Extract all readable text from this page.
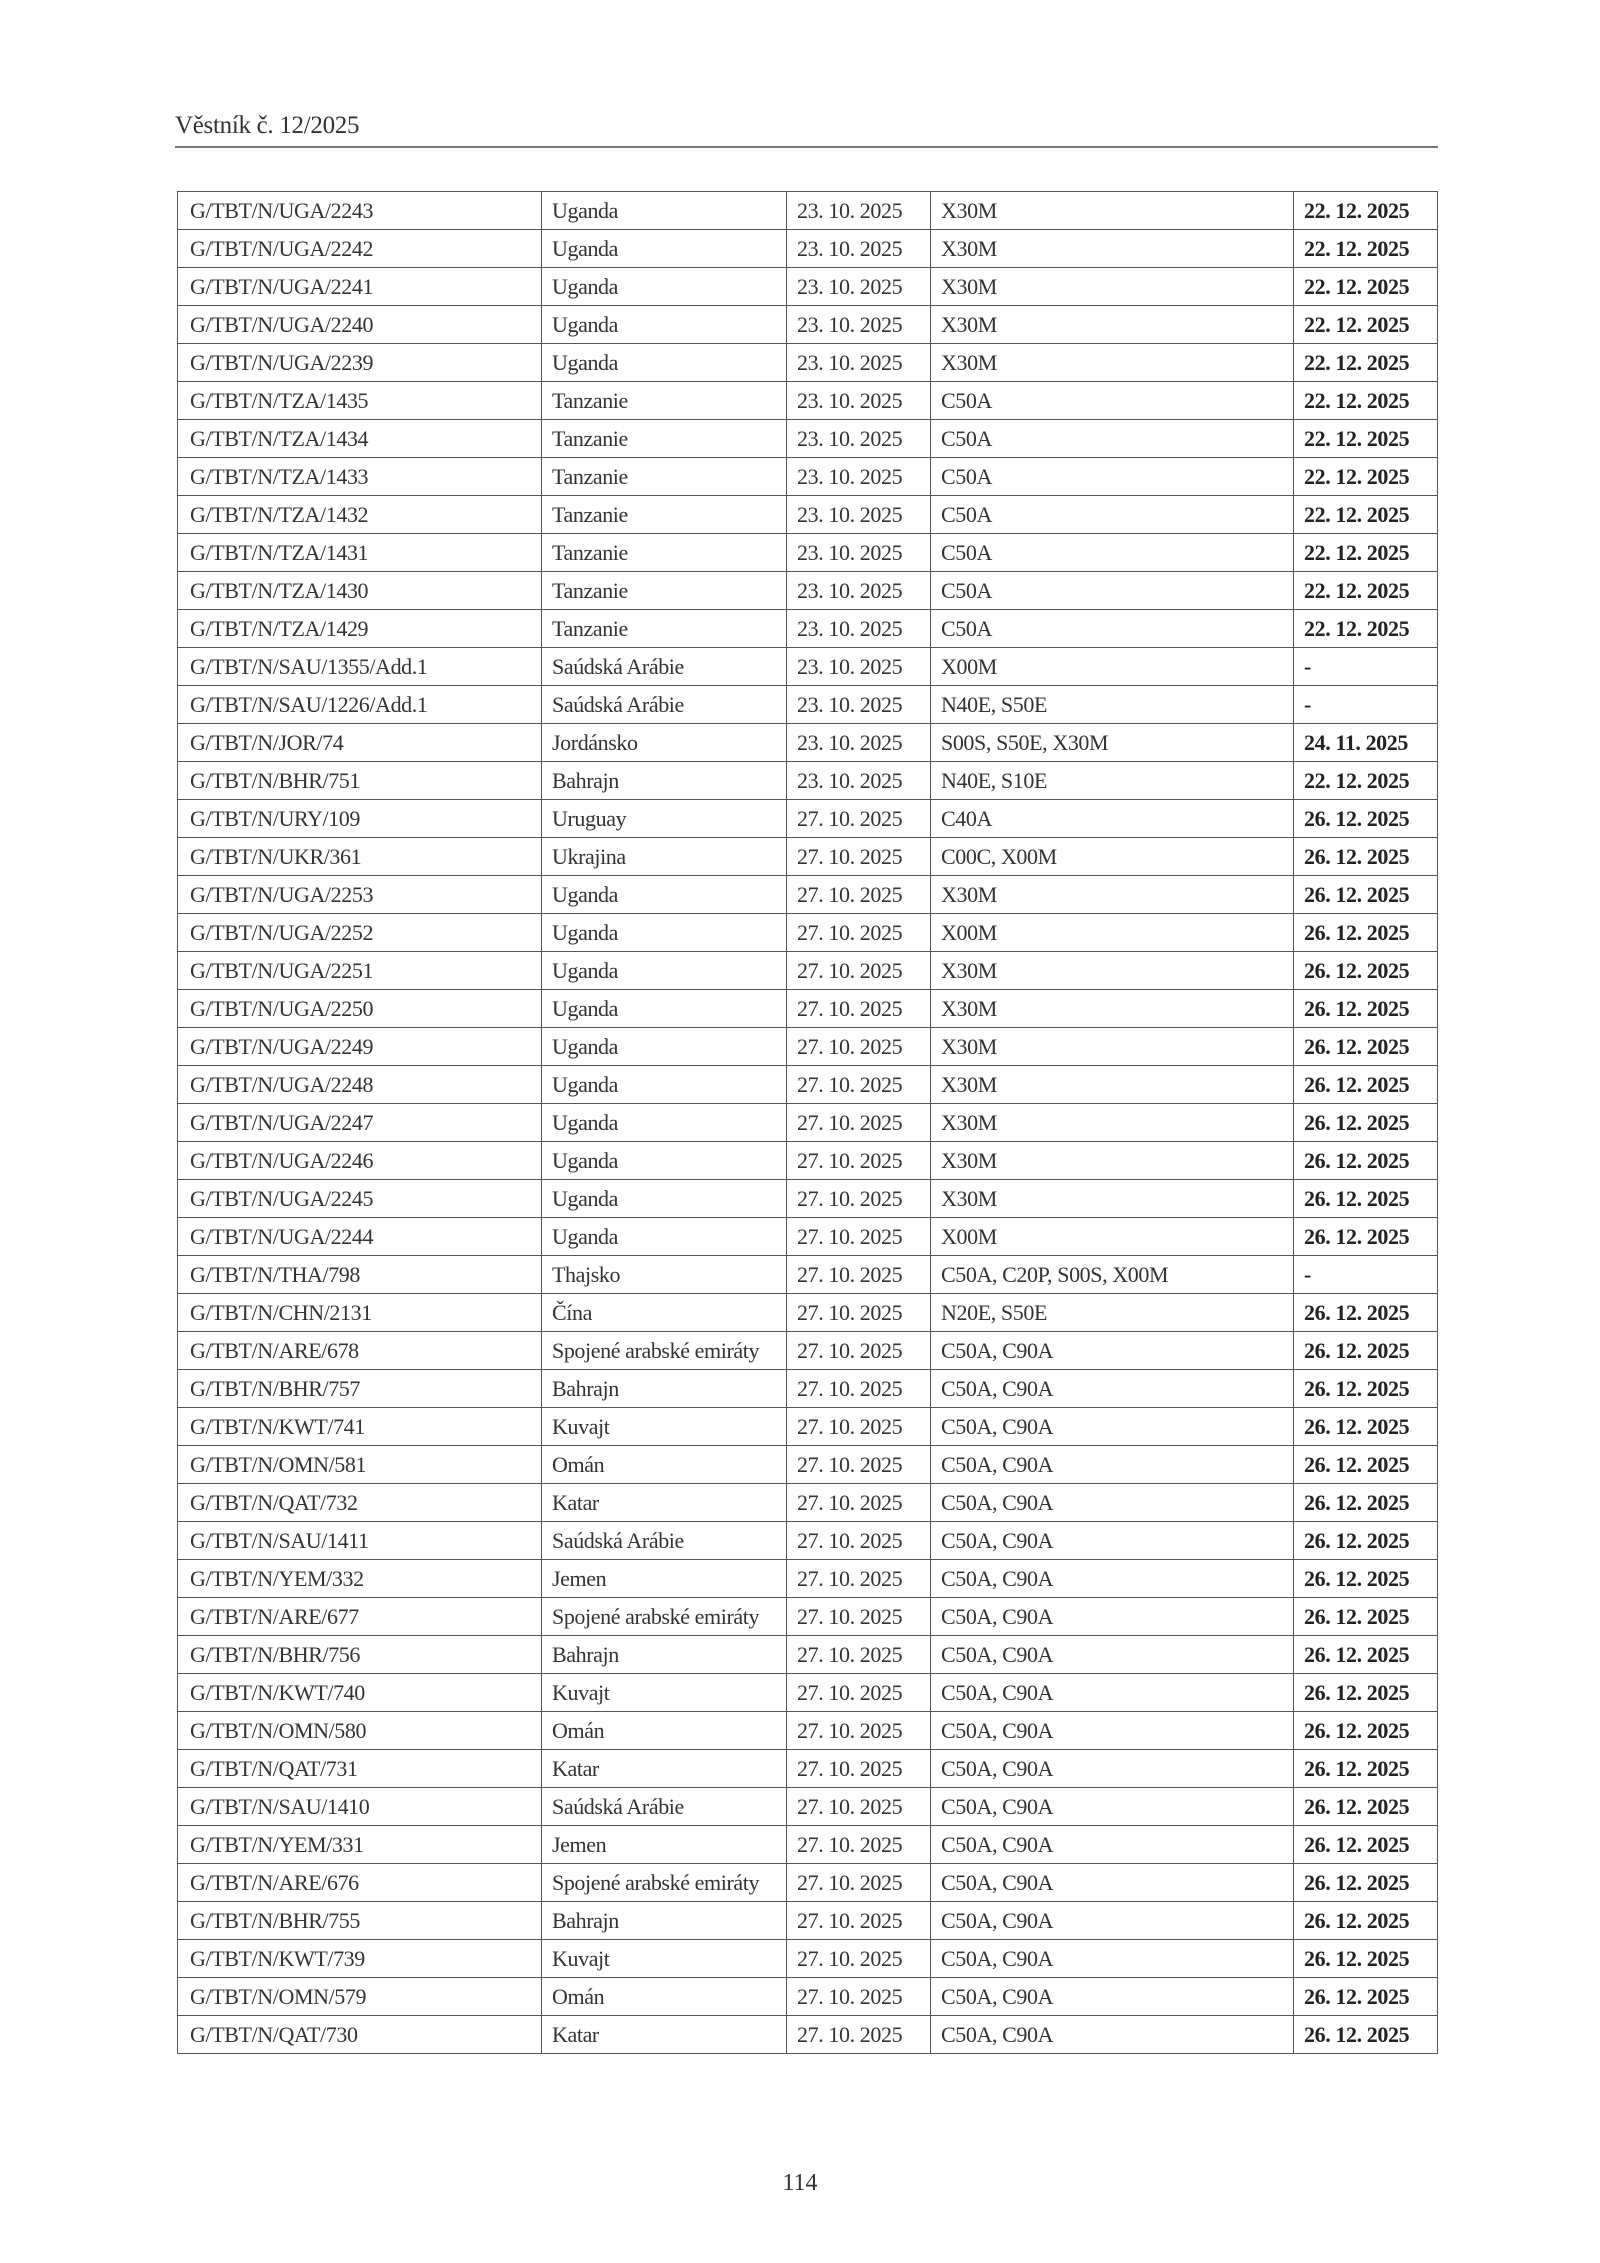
Věstník č. 12/2025
G/TBT/N/UGA/2243	Uganda	23. 10. 2025	X30M	22. 12. 2025
G/TBT/N/UGA/2242	Uganda	23. 10. 2025	X30M	22. 12. 2025
G/TBT/N/UGA/2241	Uganda	23. 10. 2025	X30M	22. 12. 2025
G/TBT/N/UGA/2240	Uganda	23. 10. 2025	X30M	22. 12. 2025
G/TBT/N/UGA/2239	Uganda	23. 10. 2025	X30M	22. 12. 2025
G/TBT/N/TZA/1435	Tanzanie	23. 10. 2025	C50A	22. 12. 2025
G/TBT/N/TZA/1434	Tanzanie	23. 10. 2025	C50A	22. 12. 2025
G/TBT/N/TZA/1433	Tanzanie	23. 10. 2025	C50A	22. 12. 2025
G/TBT/N/TZA/1432	Tanzanie	23. 10. 2025	C50A	22. 12. 2025
G/TBT/N/TZA/1431	Tanzanie	23. 10. 2025	C50A	22. 12. 2025
G/TBT/N/TZA/1430	Tanzanie	23. 10. 2025	C50A	22. 12. 2025
G/TBT/N/TZA/1429	Tanzanie	23. 10. 2025	C50A	22. 12. 2025
G/TBT/N/SAU/1355/Add.1	Saúdská Arábie	23. 10. 2025	X00M	-
G/TBT/N/SAU/1226/Add.1	Saúdská Arábie	23. 10. 2025	N40E, S50E	-
G/TBT/N/JOR/74	Jordánsko	23. 10. 2025	S00S, S50E, X30M	24. 11. 2025
G/TBT/N/BHR/751	Bahrajn	23. 10. 2025	N40E, S10E	22. 12. 2025
G/TBT/N/URY/109	Uruguay	27. 10. 2025	C40A	26. 12. 2025
G/TBT/N/UKR/361	Ukrajina	27. 10. 2025	C00C, X00M	26. 12. 2025
G/TBT/N/UGA/2253	Uganda	27. 10. 2025	X30M	26. 12. 2025
G/TBT/N/UGA/2252	Uganda	27. 10. 2025	X00M	26. 12. 2025
G/TBT/N/UGA/2251	Uganda	27. 10. 2025	X30M	26. 12. 2025
G/TBT/N/UGA/2250	Uganda	27. 10. 2025	X30M	26. 12. 2025
G/TBT/N/UGA/2249	Uganda	27. 10. 2025	X30M	26. 12. 2025
G/TBT/N/UGA/2248	Uganda	27. 10. 2025	X30M	26. 12. 2025
G/TBT/N/UGA/2247	Uganda	27. 10. 2025	X30M	26. 12. 2025
G/TBT/N/UGA/2246	Uganda	27. 10. 2025	X30M	26. 12. 2025
G/TBT/N/UGA/2245	Uganda	27. 10. 2025	X30M	26. 12. 2025
G/TBT/N/UGA/2244	Uganda	27. 10. 2025	X00M	26. 12. 2025
G/TBT/N/THA/798	Thajsko	27. 10. 2025	C50A, C20P, S00S, X00M	-
G/TBT/N/CHN/2131	Čína	27. 10. 2025	N20E, S50E	26. 12. 2025
G/TBT/N/ARE/678	Spojené arabské emiráty	27. 10. 2025	C50A, C90A	26. 12. 2025
G/TBT/N/BHR/757	Bahrajn	27. 10. 2025	C50A, C90A	26. 12. 2025
G/TBT/N/KWT/741	Kuvajt	27. 10. 2025	C50A, C90A	26. 12. 2025
G/TBT/N/OMN/581	Omán	27. 10. 2025	C50A, C90A	26. 12. 2025
G/TBT/N/QAT/732	Katar	27. 10. 2025	C50A, C90A	26. 12. 2025
G/TBT/N/SAU/1411	Saúdská Arábie	27. 10. 2025	C50A, C90A	26. 12. 2025
G/TBT/N/YEM/332	Jemen	27. 10. 2025	C50A, C90A	26. 12. 2025
G/TBT/N/ARE/677	Spojené arabské emiráty	27. 10. 2025	C50A, C90A	26. 12. 2025
G/TBT/N/BHR/756	Bahrajn	27. 10. 2025	C50A, C90A	26. 12. 2025
G/TBT/N/KWT/740	Kuvajt	27. 10. 2025	C50A, C90A	26. 12. 2025
G/TBT/N/OMN/580	Omán	27. 10. 2025	C50A, C90A	26. 12. 2025
G/TBT/N/QAT/731	Katar	27. 10. 2025	C50A, C90A	26. 12. 2025
G/TBT/N/SAU/1410	Saúdská Arábie	27. 10. 2025	C50A, C90A	26. 12. 2025
G/TBT/N/YEM/331	Jemen	27. 10. 2025	C50A, C90A	26. 12. 2025
G/TBT/N/ARE/676	Spojené arabské emiráty	27. 10. 2025	C50A, C90A	26. 12. 2025
G/TBT/N/BHR/755	Bahrajn	27. 10. 2025	C50A, C90A	26. 12. 2025
G/TBT/N/KWT/739	Kuvajt	27. 10. 2025	C50A, C90A	26. 12. 2025
G/TBT/N/OMN/579	Omán	27. 10. 2025	C50A, C90A	26. 12. 2025
G/TBT/N/QAT/730	Katar	27. 10. 2025	C50A, C90A	26. 12. 2025
114
